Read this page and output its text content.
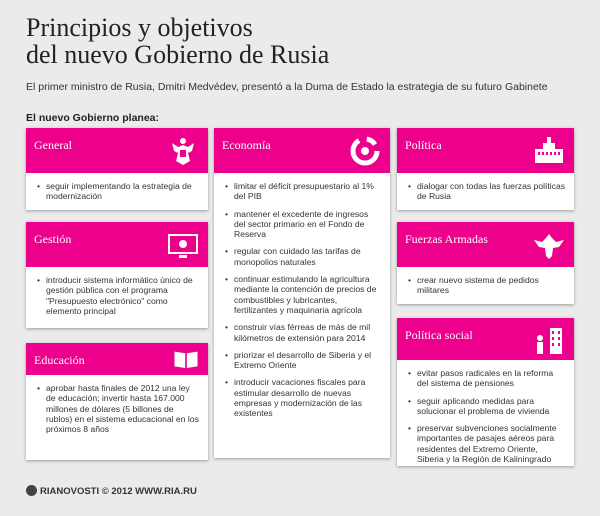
Principios y objetivos
del nuevo Gobierno de Rusia
El primer ministro de Rusia, Dmitri Medvédev, presentó a la Duma de Estado la estrategia de su futuro Gabinete
El nuevo Gobierno planea:
General
• seguir implementando la estrategia de modernización
Gestión
• introducir sistema informático único de gestión pública con el programa "Presupuesto electrónico" como elemento principal
Educación
• aprobar hasta finales de 2012 una ley de educación; invertir hasta 167.000 millones de dólares (5 billones de rublos) en el sistema educacional en los próximos 8 años
Economía
• limitar el déficit presupuestario al 1% del PIB
• mantener el excedente de ingresos del sector primario en el Fondo de Reserva
• regular con cuidado las tarifas de monopolios naturales
• continuar estimulando la agricultura mediante la contención de precios de combustibles y lubricantes, fertilizantes y maquinaria agrícola
• construir vías férreas de más de mil kilómetros de extensión para 2014
• priorizar el desarrollo de Siberia y el Extremo Oriente
• introducir vacaciones fiscales para estimular desarrollo de nuevas empresas y modernización de las existentes
Política
• dialogar con todas las fuerzas políticas de Rusia
Fuerzas Armadas
• crear nuevo sistema de pedidos militares
Política social
• evitar pasos radicales en la reforma del sistema de pensiones
• seguir aplicando medidas para solucionar el problema de vivienda
• preservar subvenciones socialmente importantes de pasajes aéreos para residentes del Extremo Oriente, Siberia y la Región de Kaliningrado
RIANOVOSTI © 2012 WWW.RIA.RU
